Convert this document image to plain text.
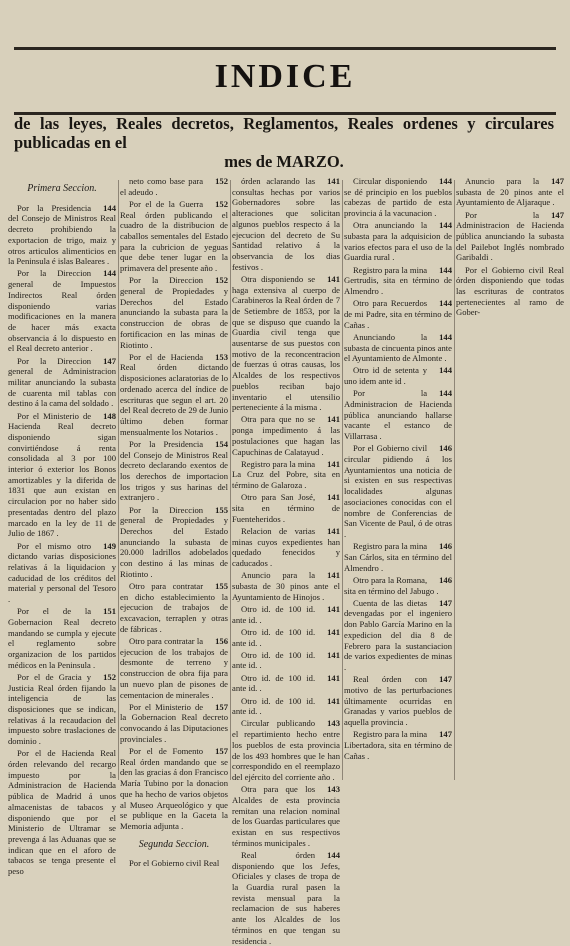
INDICE
de las leyes, Reales decretos, Reglamentos, Reales ordenes y circulares publicadas en el
mes de MARZO.
Primera Seccion.
144
Por la Presidencia del Consejo de Ministros Real decreto prohibiendo la exportacion de trigo, maiz y otros articulos alimenticios en la Peninsula é islas Baleares .
144
Por la Direccion general de Impuestos Indirectos Real órden disponiendo varias modificaciones en la manera de hacer más exacta observancia á lo dispuesto en el Real decreto anterior .
147
Por la Direccion general de Administracion militar anunciando la subasta de cuarenta mil tablas con destino á la cama del soldado .
148
Por el Ministerio de Hacienda Real decreto disponiendo sigan convirtiéndose á renta consolidada al 3 por 100 interior ó exterior los Bonos amortizables y la diferida de 1831 que aun existan en circulacion por no haber sido presentadas dentro del plazo marcado en la ley de 11 de Julio de 1867 .
149
Por el mismo otro dictando varias disposiciones relativas á la liquidacion y caducidad de los créditos del material y personal del Tesoro .
151
Por el de la Gobernacion Real decreto mandando se cumpla y ejecute el reglamento sobre organizacion de los partidos médicos en la Peninsula .
152
Por el de Gracia y Justicia Real órden fijando la inteligencia de las disposiciones que se indican, relativas á la recaudacion del impuesto sobre traslaciones de dominio .
Por el de Hacienda Real órden relevando del recargo impuesto por la Administracion de Hacienda pública de Madrid á unos almacenistas de tabacos y disponiendo que por el Ministerio de Ultramar se prevenga á las Aduanas que se indican que en el aforo de tabacos se tenga presente el peso
152
neto como base para el adeudo .
152
Por el de la Guerra Real órden publicando el cuadro de la distribucion de caballos sementales del Estado para la cubricion de yeguas que debe tener lugar en la primavera del presente año .
152
Por la Direccion general de Propiedades y Derechos del Estado anunciando la subasta para la construccion de obras de fortificacion en las minas de Riotinto .
153
Por el de Hacienda Real órden dictando disposiciones aclaratorias de lo ordenado acerca del índice de escrituras que segun el art. 20 del Real decreto de 29 de Junio último deben formar mensualmente los Notarios .
154
Por la Presidencia del Consejo de Ministros Real decreto declarando exentos de los derechos de importacion los trigos y sus harinas del extranjero .
155
Por la Direccion general de Propiedades y Derechos del Estado anunciando la subasta de 20.000 ladrillos adobelados con destino á las minas de Riotinto .
155
Otro para contratar en dicho establecimiento la ejecucion de trabajos de excavacion, terraplen y otras de fábricas .
156
Otro para contratar la ejecucion de los trabajos de desmonte de terreno y construccion de obra fija para un nuevo plan de pisones de cementacion de minerales .
157
Por el Ministerio de la Gobernacion Real decreto convocando á las Diputaciones provinciales .
157
Por el de Fomento Real órden mandando que se den las gracias á don Francisco María Tubino por la donacion que ha hecho de varios objetos al Museo Arqueológico y que se publique en la Gaceta la Memoria adjunta .
Segunda Seccion.
Por el Gobierno civil Real
141
órden aclarando las consultas hechas por varios Gobernadores sobre las alteraciones que solicitan algunos pueblos respecto á la ejecucion del decreto de Su Santidad relativo á la observancia de los dias festivos .
141
Otra disponiendo se haga extensiva al cuerpo de Carabineros la Real órden de 7 de Setiembre de 1853, por la que se dispuso que cuando la Guardia civil tenga que ausentarse de sus puestos con motivo de la reconcentracion de fuerzas ú otras causas, los Alcaldes de los respectivos pueblos reciban bajo inventario el utensilio perteneciente á la misma .
141
Otra para que no se ponga impedimento á las postulaciones que hagan las Capuchinas de Calatayud .
141
Registro para la mina La Cruz del Pobre, sita en término de Galaroza .
141
Otro para San José, sita en término de Fuenteheridos .
141
Relacion de varias minas cuyos expedientes han quedado fenecidos y caducados .
141
Anuncio para la subasta de 30 pinos ante el Ayuntamiento de Hinojos .
141
Otro id. de 100 id. ante id. .
141
Otro id. de 100 id. ante id. .
141
Otro id. de 100 id. ante id. .
141
Otro id. de 100 id. ante id. .
141
Otro id. de 100 id. ante id. .
143
Circular publicando el repartimiento hecho entre los pueblos de esta provincia de los 493 hombres que le han correspondido en el reemplazo del ejército del corriente año .
143
Otra para que los Alcaldes de esta provincia remitan una relacion nominal de los Guardas particulares que existan en sus respectivos términos municipales .
144
Real órden disponiendo que los Jefes, Oficiales y clases de tropa de la Guardia rural pasen la revista mensual para la reclamacion de sus haberes ante los Alcaldes de los términos en que tengan su residencia .
144
Circular disponiendo se dé principio en los pueblos cabezas de partido de esta provincia á la vacunacion .
144
Otra anunciando la subasta para la adquisicion de varios efectos para el uso de la Guardia rural .
144
Registro para la mina Gertrudis, sita en término de Almendro .
144
Otro para Recuerdos de mi Padre, sita en término de Cañas .
144
Anunciando la subasta de cincuenta pinos ante el Ayuntamiento de Almonte .
144
Otro id de setenta y uno idem ante id .
144
Por la Administracion de Hacienda pública anunciando hallarse vacante el estanco de Villarrasa .
146
Por el Gobierno civil circular pidiendo á los Ayuntamientos una noticia de si existen en sus respectivas localidades algunas asociaciones conocidas con el nombre de Conferencias de San Vicente de Paul, ó de otras .
146
Registro para la mina San Cárlos, sita en término del Almendro .
146
Otro para la Romana, sita en término del Jabugo .
147
Cuenta de las dietas devengadas por el ingeniero don Pablo García Marino en la expedicion del dia 8 de Febrero para la sustanciacion de varios expedientes de minas .
147
Real órden con motivo de las perturbaciones últimamente ocurridas en Granadas y varios pueblos de aquella provincia .
147
Registro para la mina Libertadora, sita en término de Cañas .
147
Anuncio para la subasta de 20 pinos ante el Ayuntamiento de Aljaraque .
147
Por la Administracion de Hacienda pública anunciando la subasta del Pailebot Inglés nombrado Garibaldi .
Por el Gobierno civil Real órden disponiendo que todas las escrituras de contratos pertenecientes al ramo de Gober-
